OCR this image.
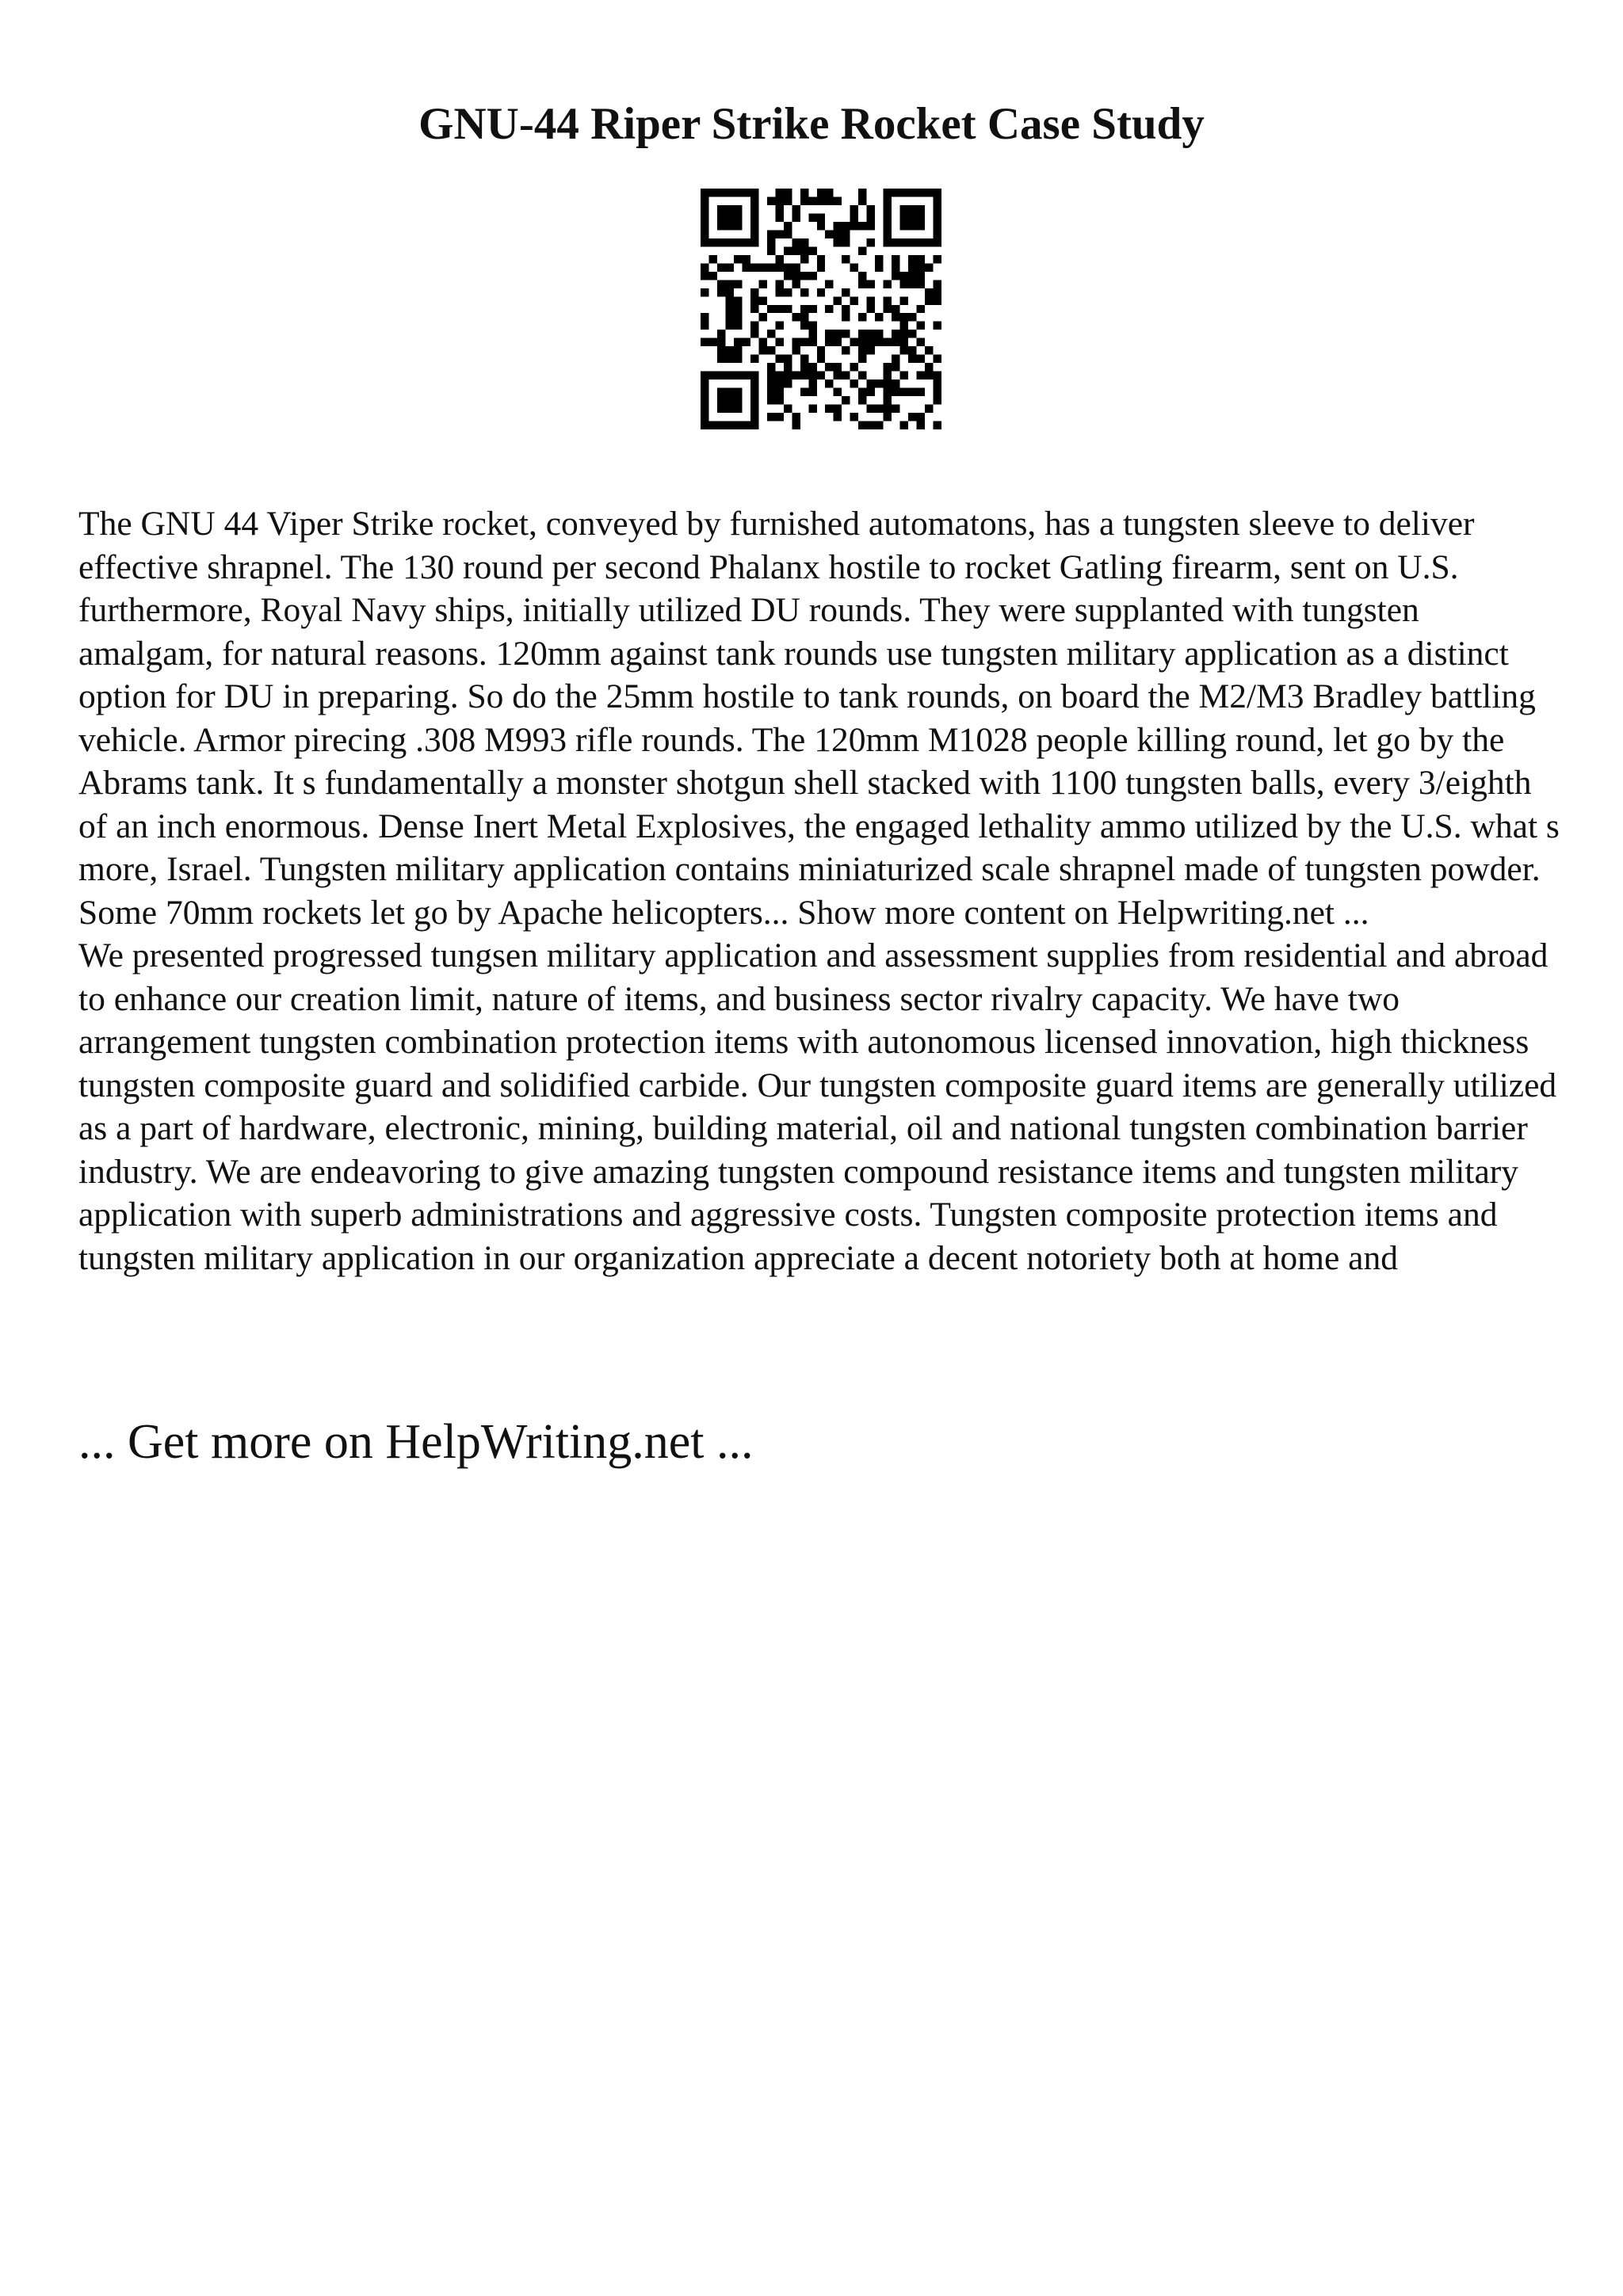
GNU-44 Riper Strike Rocket Case Study

The GNU 44 Viper Strike rocket, conveyed by furnished automatons, has a tungsten sleeve to deliver effective shrapnel. The 130 round per second Phalanx hostile to rocket Gatling firearm, sent on U.S. furthermore, Royal Navy ships, initially utilized DU rounds. They were supplanted with tungsten amalgam, for natural reasons. 120mm against tank rounds use tungsten military application as a distinct option for DU in preparing. So do the 25mm hostile to tank rounds, on board the M2/M3 Bradley battling vehicle. Armor pirecing .308 M993 rifle rounds. The 120mm M1028 people killing round, let go by the Abrams tank. It s fundamentally a monster shotgun shell stacked with 1100 tungsten balls, every 3/eighth of an inch enormous. Dense Inert Metal Explosives, the engaged lethality ammo utilized by the U.S. what s more, Israel. Tungsten military application contains miniaturized scale shrapnel made of tungsten powder. Some 70mm rockets let go by Apache helicopters... Show more content on Helpwriting.net ...

We presented progressed tungsen military application and assessment supplies from residential and abroad to enhance our creation limit, nature of items, and business sector rivalry capacity. We have two arrangement tungsten combination protection items with autonomous licensed innovation, high thickness tungsten composite guard and solidified carbide. Our tungsten composite guard items are generally utilized as a part of hardware, electronic, mining, building material, oil and national tungsten combination barrier industry. We are endeavoring to give amazing tungsten compound resistance items and tungsten military application with superb administrations and aggressive costs. Tungsten composite protection items and tungsten military application in our organization appreciate a decent notoriety both at home and

... Get more on HelpWriting.net ...
